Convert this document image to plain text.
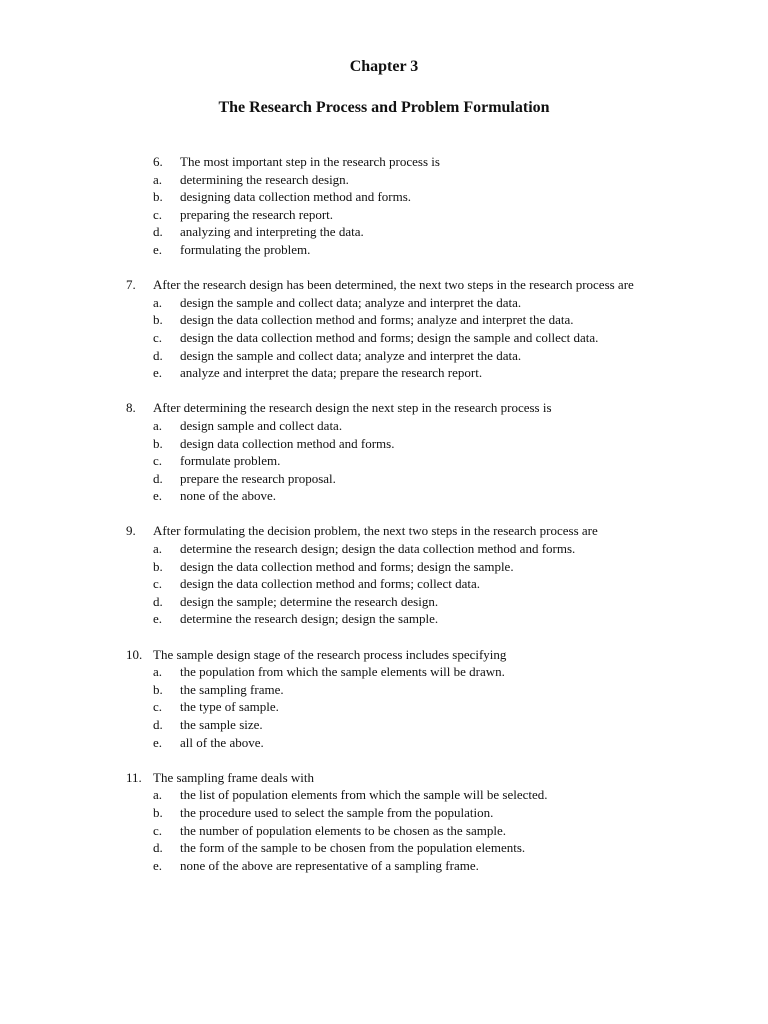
Chapter 3
The Research Process and Problem Formulation
6. The most important step in the research process is
a. determining the research design.
b. designing data collection method and forms.
c. preparing the research report.
d. analyzing and interpreting the data.
e. formulating the problem.
7. After the research design has been determined, the next two steps in the research process are
a. design the sample and collect data; analyze and interpret the data.
b. design the data collection method and forms; analyze and interpret the data.
c. design the data collection method and forms; design the sample and collect data.
d. design the sample and collect data; analyze and interpret the data.
e. analyze and interpret the data; prepare the research report.
8. After determining the research design the next step in the research process is
a. design sample and collect data.
b. design data collection method and forms.
c. formulate problem.
d. prepare the research proposal.
e. none of the above.
9. After formulating the decision problem, the next two steps in the research process are
a. determine the research design; design the data collection method and forms.
b. design the data collection method and forms; design the sample.
c. design the data collection method and forms; collect data.
d. design the sample; determine the research design.
e. determine the research design; design the sample.
10. The sample design stage of the research process includes specifying
a. the population from which the sample elements will be drawn.
b. the sampling frame.
c. the type of sample.
d. the sample size.
e. all of the above.
11. The sampling frame deals with
a. the list of population elements from which the sample will be selected.
b. the procedure used to select the sample from the population.
c. the number of population elements to be chosen as the sample.
d. the form of the sample to be chosen from the population elements.
e. none of the above are representative of a sampling frame.
